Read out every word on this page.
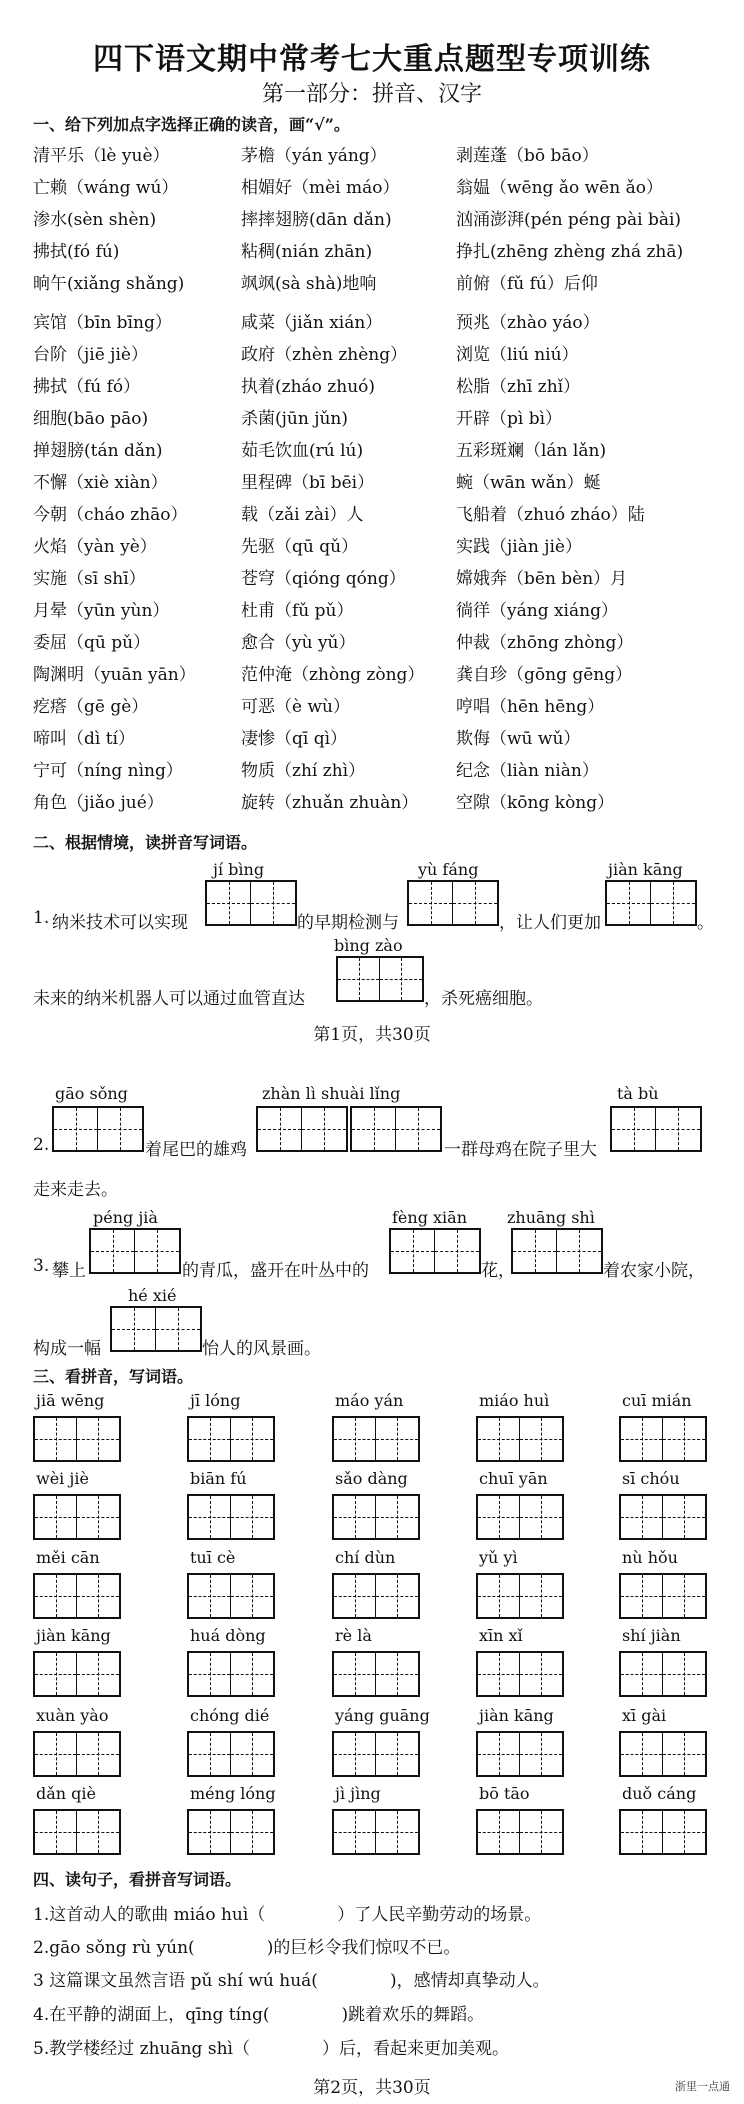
四下语文期中常考七大重点题型专项训练
第一部分：拼音、汉字
一、给下列加点字选择正确的读音，画“√”。
清平乐（lè yuè）	茅檐（yán yáng）	剥莲蓬（bō bāo）
亡赖（wáng wú）	相媚好（mèi máo）	翁媪（wēng ǎo wēn ǎo）
渗水(sèn shèn)	摔摔翅膀(dān dǎn)	汹涌澎湃(pén péng pài bài)
拂拭(fó fú)	粘稠(nián zhān)	挣扎(zhēng zhèng zhá zhā)
晌午(xiǎng shǎng)	飒飒(sà shà)地响	前俯（fǔ fú）后仰
宾馆（bīn bīng）	咸菜（jiǎn xián）	预兆（zhào yáo）
台阶（jiē jiè）	政府（zhèn zhèng）	浏览（liú niú）
拂拭（fú fó）	执着(zháo zhuó)	松脂（zhī zhǐ）
细胞(bāo pāo)	杀菌(jūn jǔn)	开辟（pì bì）
掸翅膀(tán dǎn)	茹毛饮血(rú lú)	五彩斑斓（lán lǎn)
不懈（xiè xiàn）	里程碑（bī bēi）	蜿（wān wǎn）蜒
今朝（cháo zhāo）	载（zǎi zài）人	飞船着（zhuó zháo）陆
火焰（yàn yè）	先驱（qū qǔ）	实践（jiàn jiè）
实施（sī shī）	苍穹（qióng qóng）	嫦娥奔（bēn bèn）月
月晕（yūn yùn）	杜甫（fǔ pǔ）	徜徉（yáng xiáng）
委屈（qū pǔ）	愈合（yù yǔ）	仲裁（zhōng zhòng）
陶渊明（yuān yān）	范仲淹（zhòng zòng） 龚自珍（gōng gēng）
疙瘩（gē gè）	可恶（è wù）	哼唱（hēn hēng）
啼叫（dì tí）	凄惨（qī qì）	欺侮（wū wǔ）
宁可（níng nìng）	物质（zhí zhì）	纪念（liàn niàn）
角色（jiǎo jué）	旋转（zhuǎn zhuàn） 空隙（kōng kòng）
二、根据情境，读拼音写词语。
jí bìng	yù fáng	jiàn kāng
1. 纳米技术可以实现	的早期检测与	，让人们更加	。
bìng zào
未来的纳米机器人可以通过血管直达	，杀死癌细胞。
第1页，共30页
gāo sǒng	zhàn lì shuài lǐng	tà bù
2.	着尾巴的雄鸡	一群母鸡在院子里大
走来走去。
péng jià	fèng xiān zhuāng shì
3. 攀上	的青瓜，盛开在叶丛中的	花，	着农家小院，
hé xié
构成一幅	怡人的风景画。
三、看拼音，写词语。
jiā wēng	jī lóng	máo yán	miáo huì	cuī mián
wèi jiè	biān fú	sǎo dàng	chuī yān	sī chóu
měi cān	tuī cè	chí dùn	yǔ yì	nù hǒu
jiàn kāng	huá dòng	rè là	xīn xǐ	shí jiàn
xuàn yào	chóng dié	yáng guāng	jiàn kāng	xī gài
dǎn qiè	méng lóng	jì jìng	bō tāo	duǒ cáng
四、读句子，看拼音写词语。
1.这首动人的歌曲 miáo huì（	）了人民辛勤劳动的场景。
2.gāo sǒng rù yún(	)的巨杉令我们惊叹不已。
3 这篇课文虽然言语 pǔ shí wú huá(	)，感情却真挚动人。
4.在平静的湖面上，qīng tíng(	)跳着欢乐的舞蹈。
5.教学楼经过 zhuāng shì（	）后，看起来更加美观。
第2页，共30页	浙里一点通
